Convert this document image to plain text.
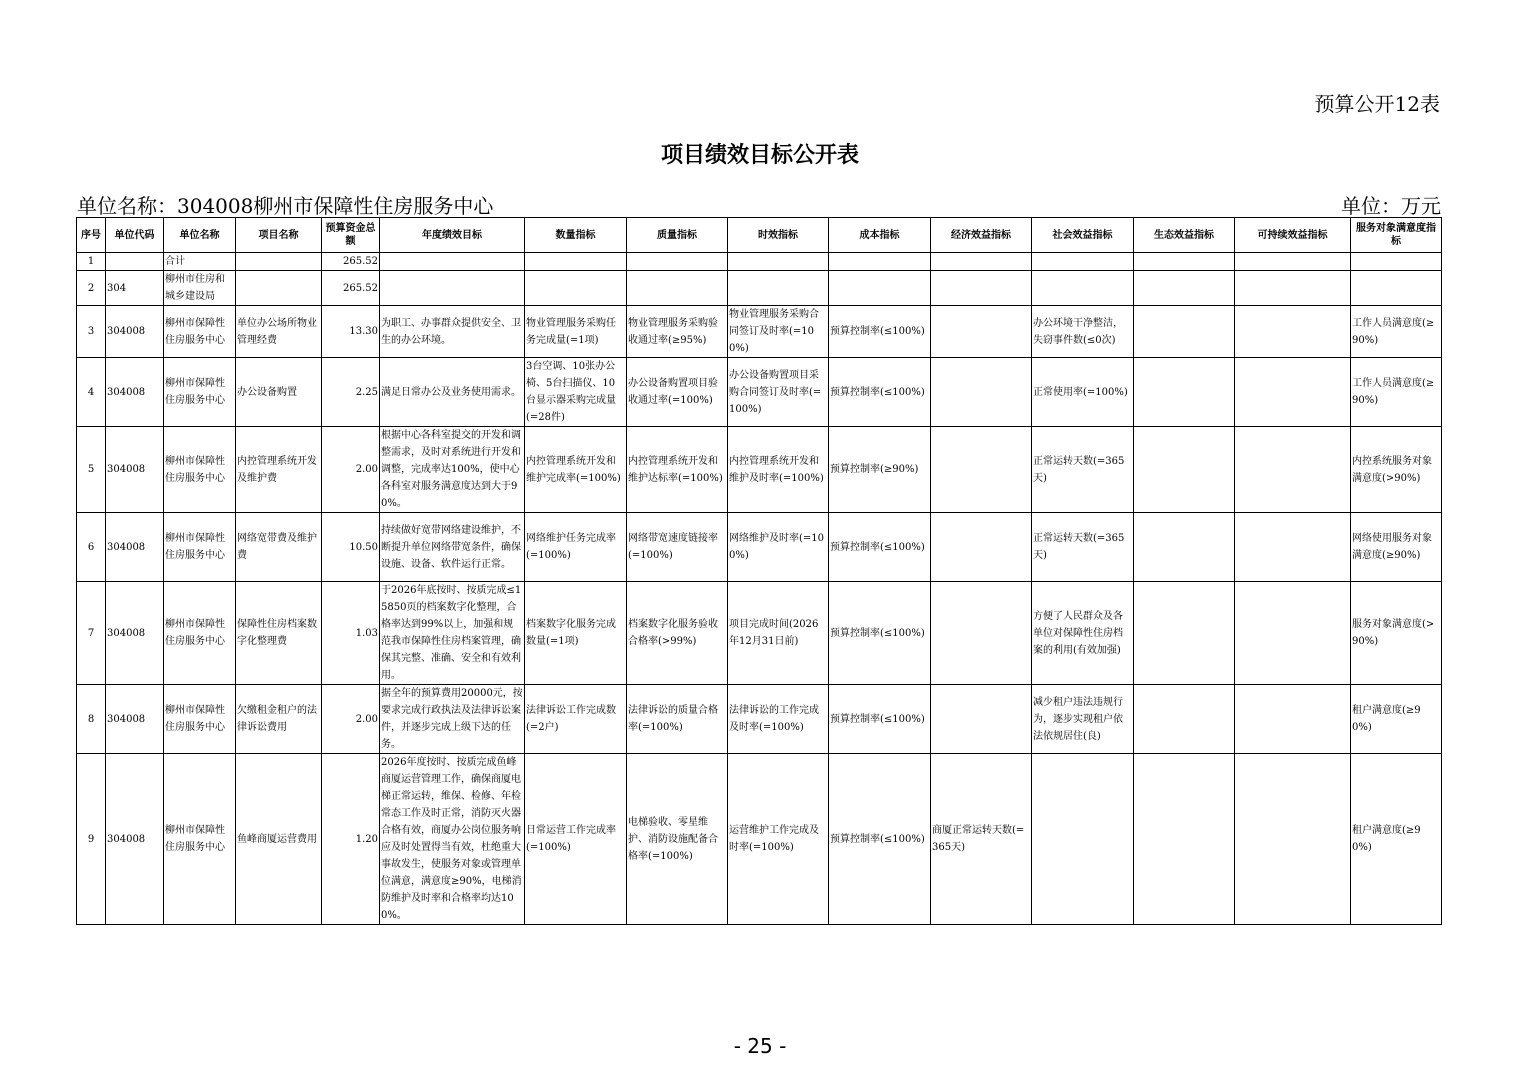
预算公开12表
项目绩效目标公开表
单位名称：304008柳州市保障性住房服务中心	单位：万元
序号	单位代码	单位名称	项目名称	预算资金总额	年度绩效目标	数量指标	质量指标	时效指标	成本指标	经济效益指标	社会效益指标	生态效益指标	可持续效益指标	服务对象满意度指标
1		合计		265.52										
2	304	柳州市住房和城乡建设局		265.52										
3	304008	柳州市保障性住房服务中心	单位办公场所物业管理经费	13.30	为职工、办事群众提供安全、卫生的办公环境。	物业管理服务采购任务完成量(=1项)	物业管理服务采购验收通过率(≥95%)	物业管理服务采购合同签订及时率(=100%)	预算控制率(≤100%)		办公环境干净整洁，失窃事件数(≤0次)			工作人员满意度(≥90%)
4	304008	柳州市保障性住房服务中心	办公设备购置	2.25	满足日常办公及业务使用需求。	3台空调、10张办公椅、5台扫描仪、10台显示器采购完成量(=28件)	办公设备购置项目验收通过率(=100%)	办公设备购置项目采购合同签订及时率(=100%)	预算控制率(≤100%)		正常使用率(=100%)			工作人员满意度(≥90%)
5	304008	柳州市保障性住房服务中心	内控管理系统开发及维护费	2.00	根据中心各科室提交的开发和调整需求，及时对系统进行开发和调整，完成率达100%，使中心各科室对服务满意度达到大于90%。	内控管理系统开发和维护完成率(=100%)	内控管理系统开发和维护达标率(=100%)	内控管理系统开发和维护及时率(=100%)	预算控制率(≥90%)		正常运转天数(=365天)			内控系统服务对象满意度(>90%)
6	304008	柳州市保障性住房服务中心	网络宽带费及维护费	10.50	持续做好宽带网络建设维护，不断提升单位网络带宽条件，确保设施、设备、软件运行正常。	网络维护任务完成率(=100%)	网络带宽速度链接率(=100%)	网络维护及时率(=100%)	预算控制率(≤100%)		正常运转天数(=365天)			网络使用服务对象满意度(≥90%)
7	304008	柳州市保障性住房服务中心	保障性住房档案数字化整理费	1.03	于2026年底按时、按质完成≤15850页的档案数字化整理，合格率达到99%以上，加强和规范我市保障性住房档案管理，确保其完整、准确、安全和有效利用。	档案数字化服务完成数量(=1项)	档案数字化服务验收合格率(>99%)	项目完成时间(2026年12月31日前)	预算控制率(≤100%)		方便了人民群众及各单位对保障性住房档案的利用(有效加强)			服务对象满意度(>90%)
8	304008	柳州市保障性住房服务中心	欠缴租金租户的法律诉讼费用	2.00	据全年的预算费用20000元，按要求完成行政执法及法律诉讼案件，并逐步完成上级下达的任务。	法律诉讼工作完成数(=2户)	法律诉讼的质量合格率(=100%)	法律诉讼的工作完成及时率(=100%)	预算控制率(≤100%)		减少租户违法违规行为，逐步实现租户依法依规居住(良)			租户满意度(≥90%)
9	304008	柳州市保障性住房服务中心	鱼峰商厦运营费用	1.20	2026年度按时、按质完成鱼峰商厦运营管理工作，确保商厦电梯正常运转，维保、检修、年检常态工作及时正常，消防灭火器合格有效，商厦办公岗位服务响应及时处置得当有效，杜绝重大事故发生，使服务对象或管理单位满意，满意度≥90%，电梯消防维护及时率和合格率均达100%。	日常运营工作完成率(=100%)	电梯验收、零星维护、消防设施配备合格率(=100%)	运营维护工作完成及时率(=100%)	预算控制率(≤100%)	商厦正常运转天数(=365天)				租户满意度(≥90%)
- 25 -
